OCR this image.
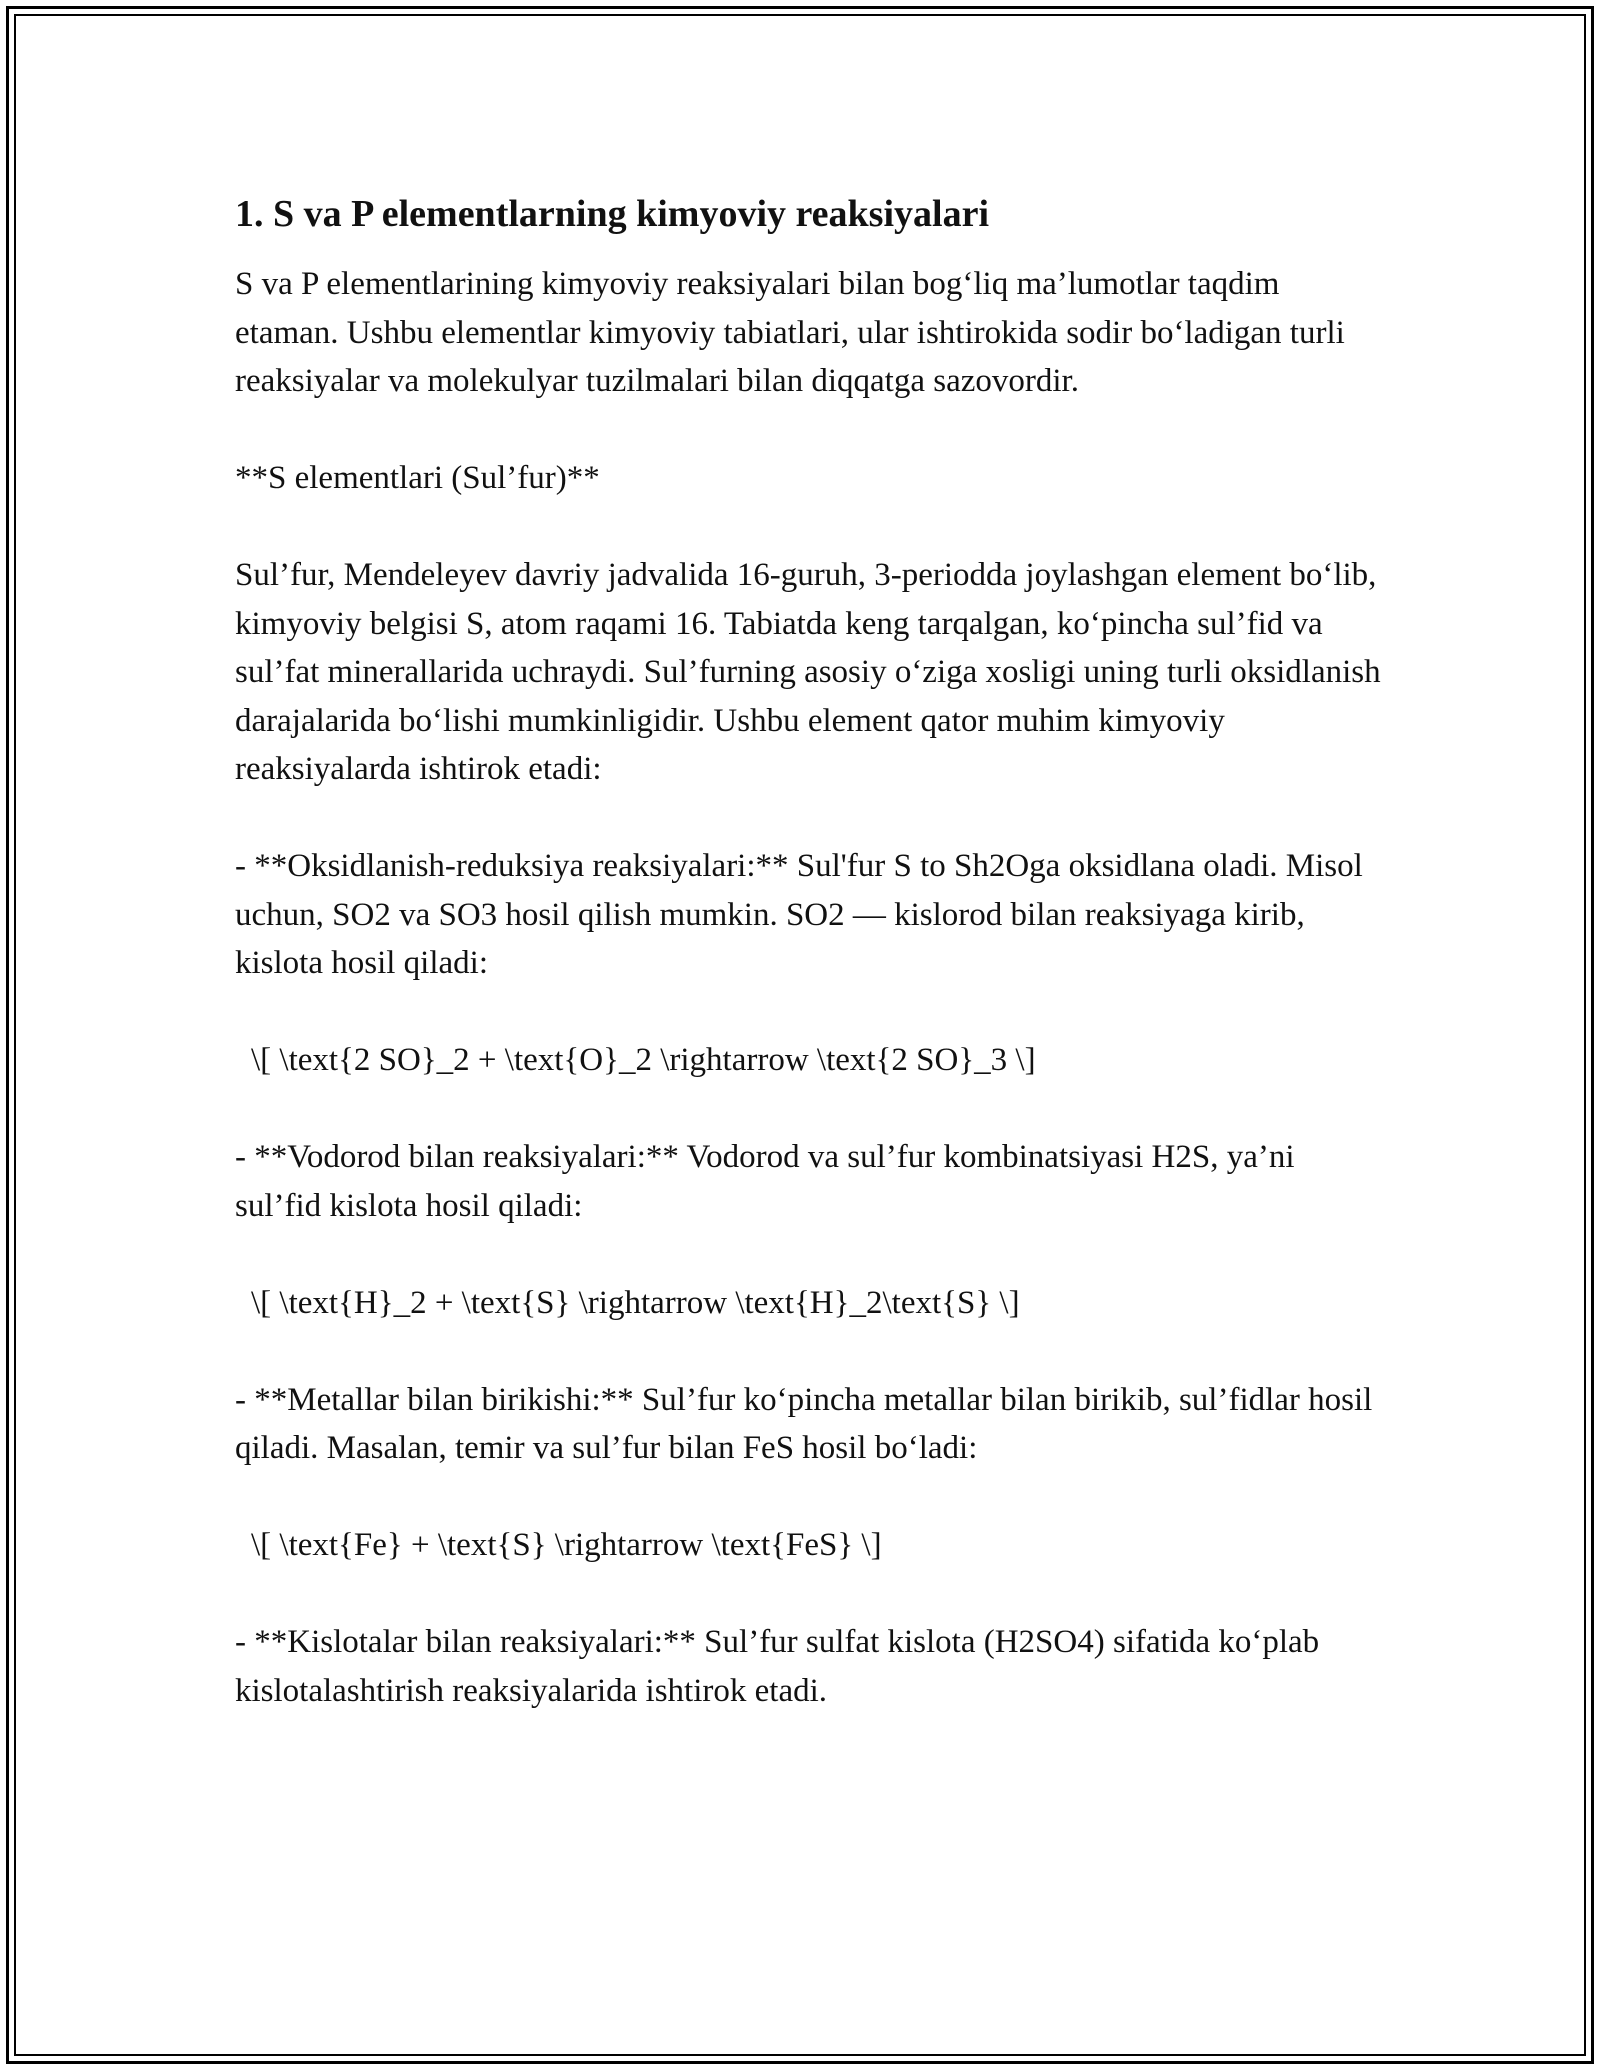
1. S va P elementlarning kimyoviy reaksiyalari

S va P elementlarining kimyoviy reaksiyalari bilan bog‘liq ma’lumotlar taqdim etaman. Ushbu elementlar kimyoviy tabiatlari, ular ishtirokida sodir bo‘ladigan turli reaksiyalar va molekulyar tuzilmalari bilan diqqatga sazovordir.

**S elementlari (Sul’fur)**

Sul’fur, Mendeleyev davriy jadvalida 16-guruh, 3-periodda joylashgan element bo‘lib, kimyoviy belgisi S, atom raqami 16. Tabiatda keng tarqalgan, ko‘pincha sul’fid va sul’fat minerallarida uchraydi. Sul’furning asosiy o‘ziga xosligi uning turli oksidlanish darajalarida bo‘lishi mumkinligidir. Ushbu element qator muhim kimyoviy reaksiyalarda ishtirok etadi:

- **Oksidlanish-reduksiya reaksiyalari:** Sul'fur S to Sh2Oga oksidlana oladi. Misol uchun, SO2 va SO3 hosil qilish mumkin. SO2 — kislorod bilan reaksiyaga kirib, kislota hosil qiladi:

\[ \text{2 SO}_2 + \text{O}_2 \rightarrow \text{2 SO}_3 \]

- **Vodorod bilan reaksiyalari:** Vodorod va sul’fur kombinatsiyasi H2S, ya’ni sul’fid kislota hosil qiladi:

\[ \text{H}_2 + \text{S} \rightarrow \text{H}_2\text{S} \]

- **Metallar bilan birikishi:** Sul’fur ko‘pincha metallar bilan birikib, sul’fidlar hosil qiladi. Masalan, temir va sul’fur bilan FeS hosil bo‘ladi:

\[ \text{Fe} + \text{S} \rightarrow \text{FeS} \]

- **Kislotalar bilan reaksiyalari:** Sul’fur sulfat kislota (H2SO4) sifatida ko‘plab kislotalashtirish reaksiyalarida ishtirok etadi.
